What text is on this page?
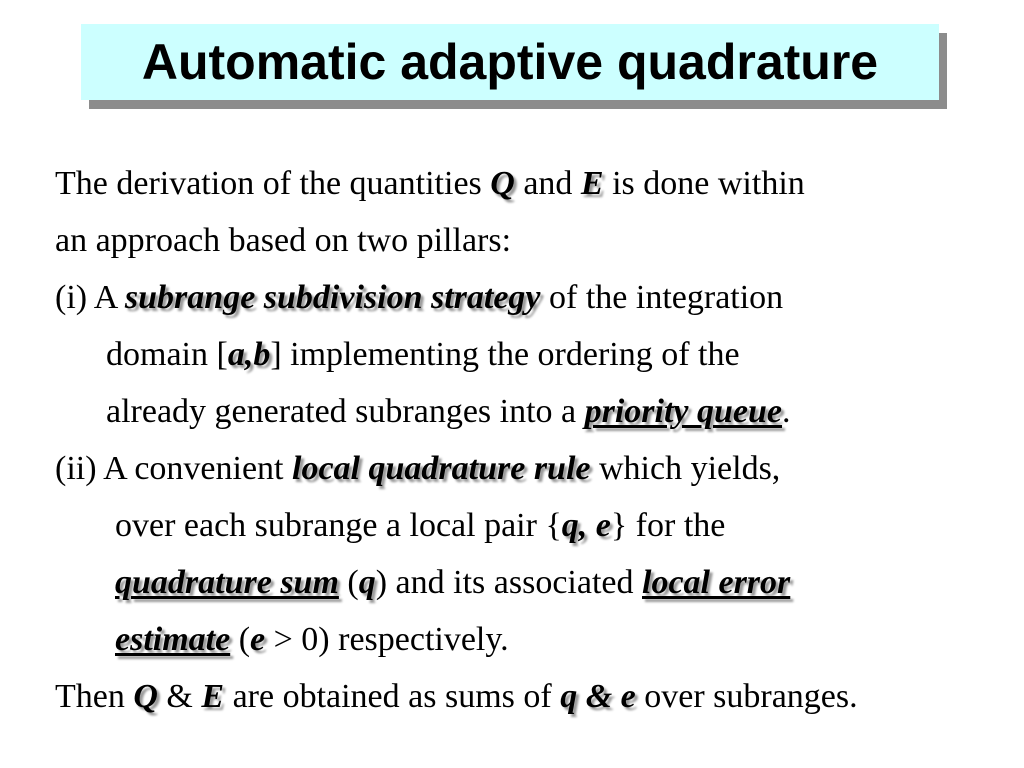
Automatic adaptive quadrature

The derivation of the quantities Q and E is done within

an approach based on two pillars:

(i) A subrange subdivision strategy of the integration

domain [a,b] implementing the ordering of the

already generated subranges into a priority queue.

(ii) A convenient local quadrature rule which yields,

over each subrange a local pair {q, e} for the

quadrature sum (q) and its associated local error

estimate (e > 0) respectively.

Then Q & E are obtained as sums of q & e over subranges.
